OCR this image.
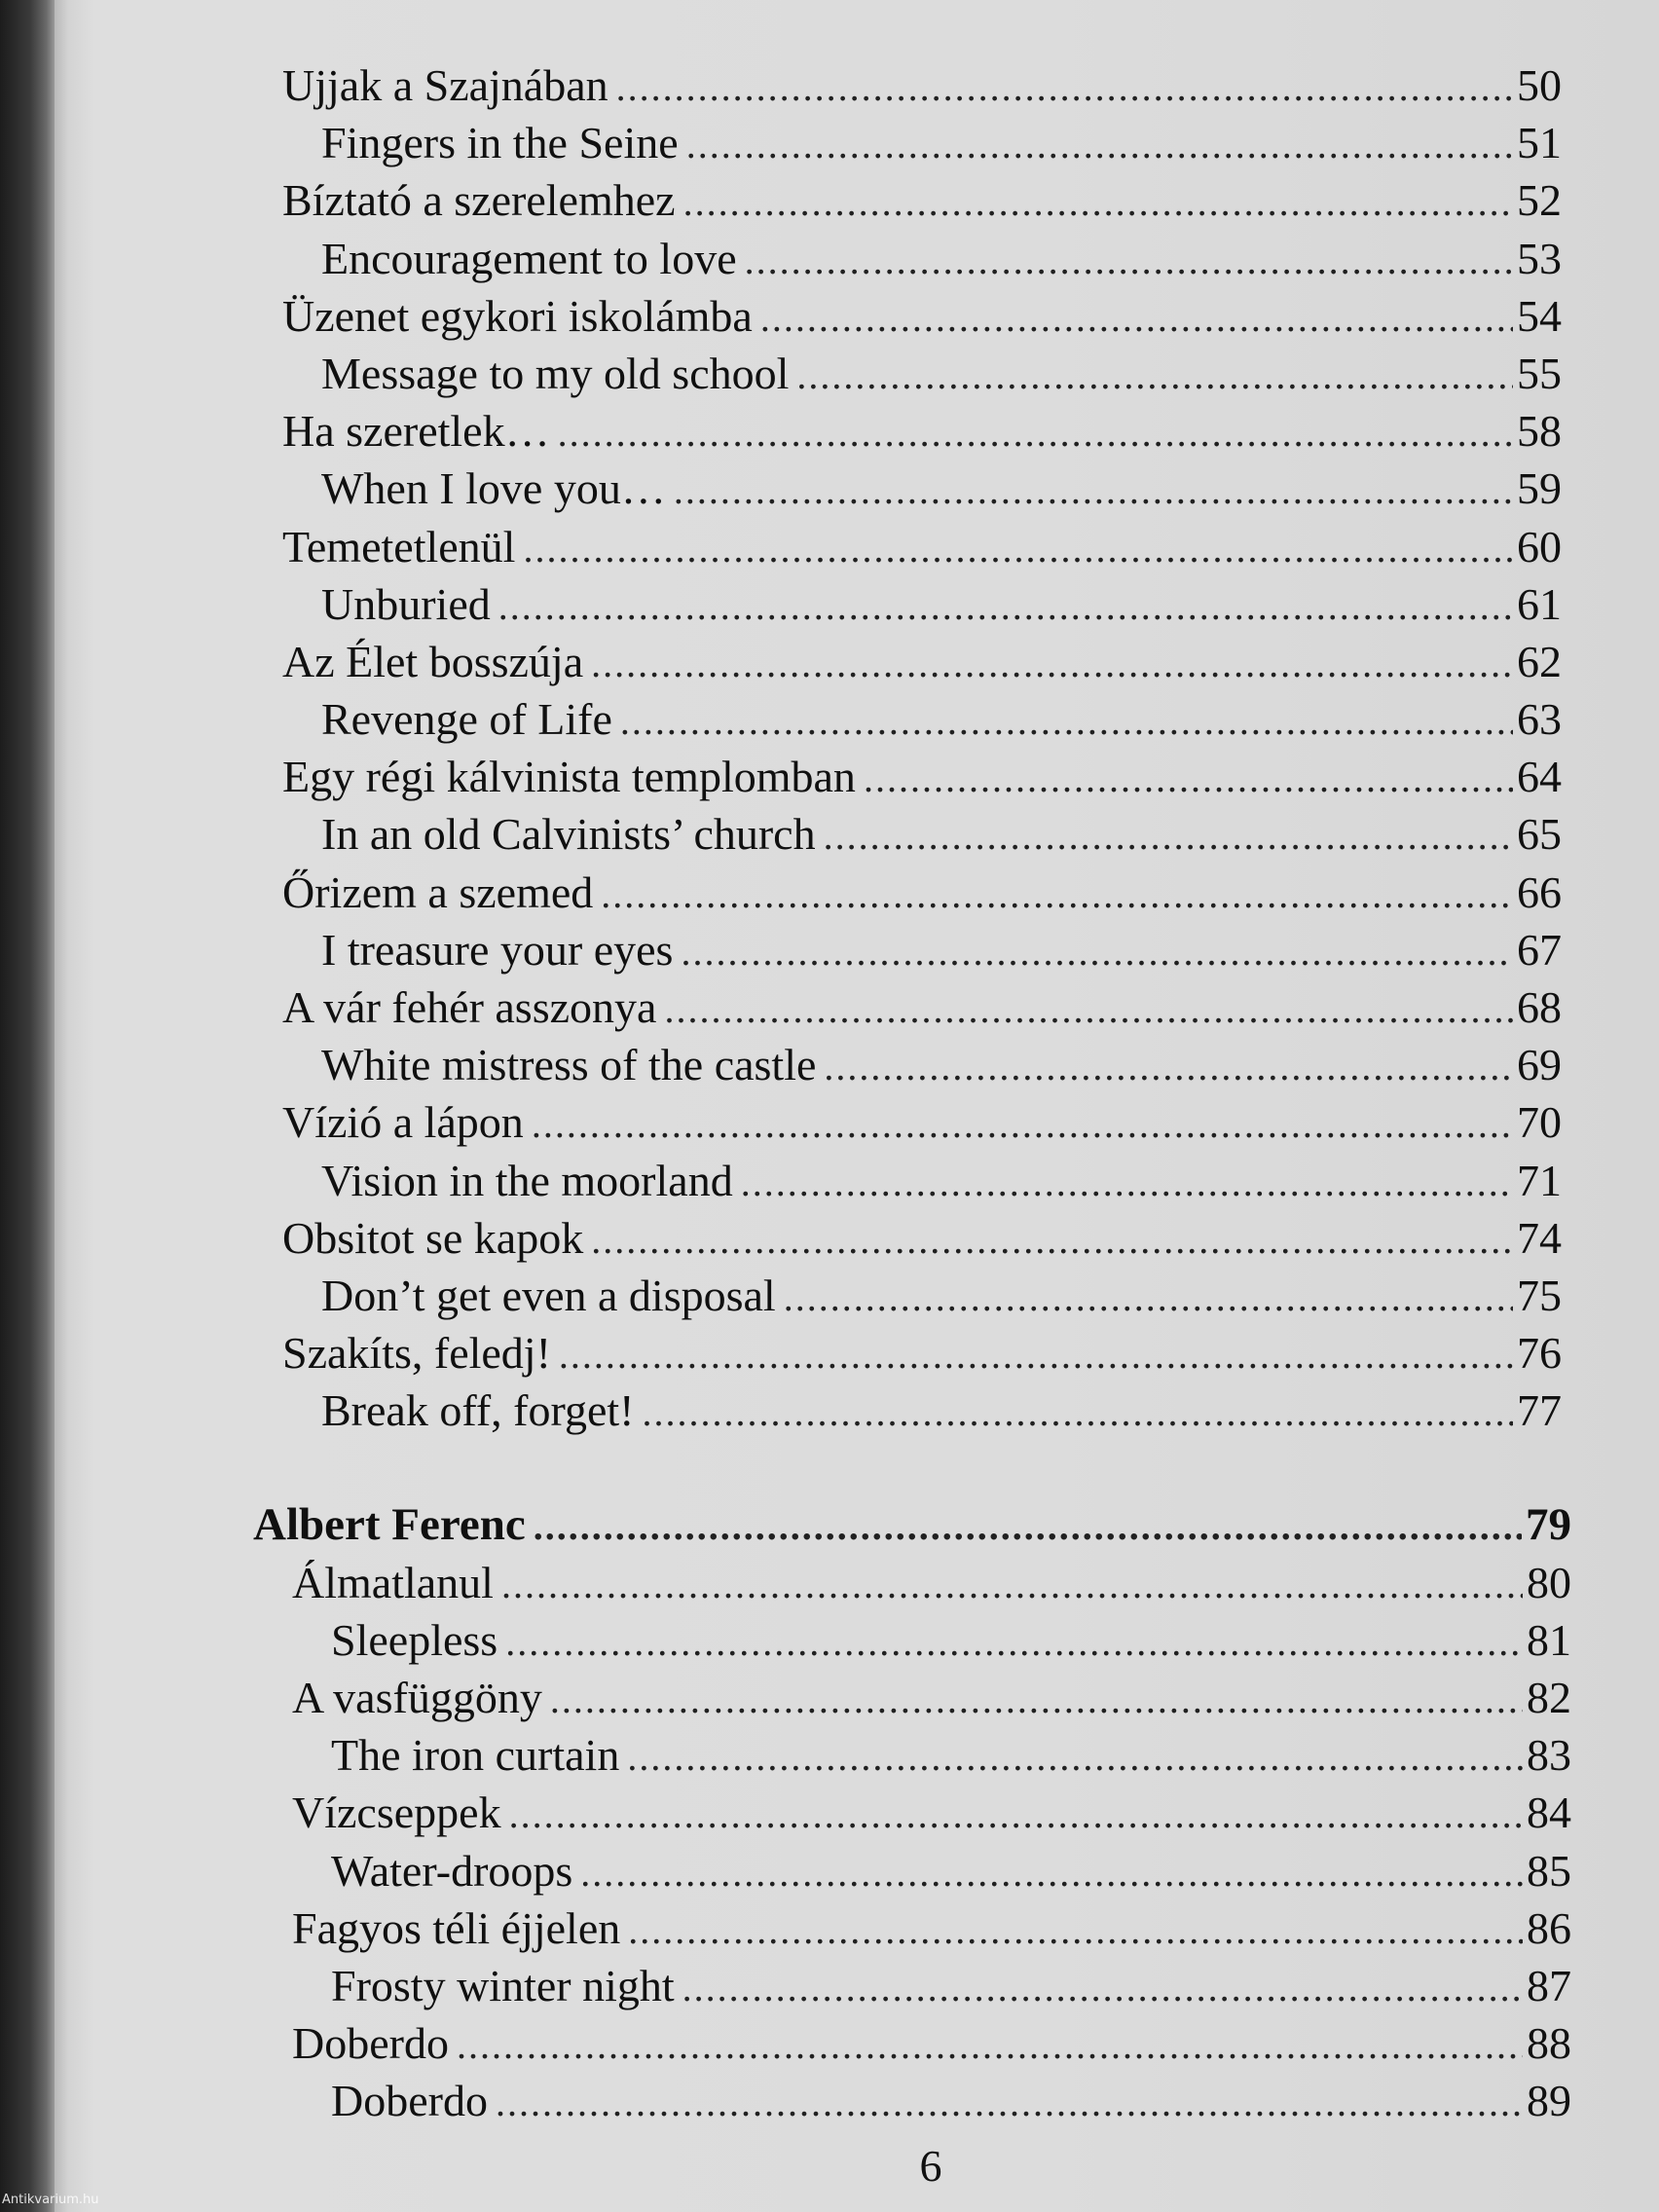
Ujjak a Szajnában .....	50
Fingers in the Seine .....	51
Bíztató a szerelemhez .....	52
Encouragement to love .....	53
Üzenet egykori iskolámba .....	54
Message to my old school .....	55
Ha szeretlek… .....	58
When I love you… .....	59
Temetetlenül .....	60
Unburied .....	61
Az Élet bosszúja .....	62
Revenge of Life .....	63
Egy régi kálvinista templomban .....	64
In an old Calvinists’ church .....	65
Őrizem a szemed .....	66
I treasure your eyes .....	67
A vár fehér asszonya .....	68
White mistress of the castle .....	69
Vízió a lápon .....	70
Vision in the moorland .....	71
Obsitot se kapok .....	74
Don’t get even a disposal .....	75
Szakíts, feledj! .....	76
Break off, forget! .....	77
Albert Ferenc .....	79
Álmatlanul .....	80
Sleepless .....	81
A vasfüggöny .....	82
The iron curtain .....	83
Vízcseppek .....	84
Water-droops .....	85
Fagyos téli éjjelen .....	86
Frosty winter night .....	87
Doberdo .....	88
Doberdo .....	89
6
Antikvarium.hu
